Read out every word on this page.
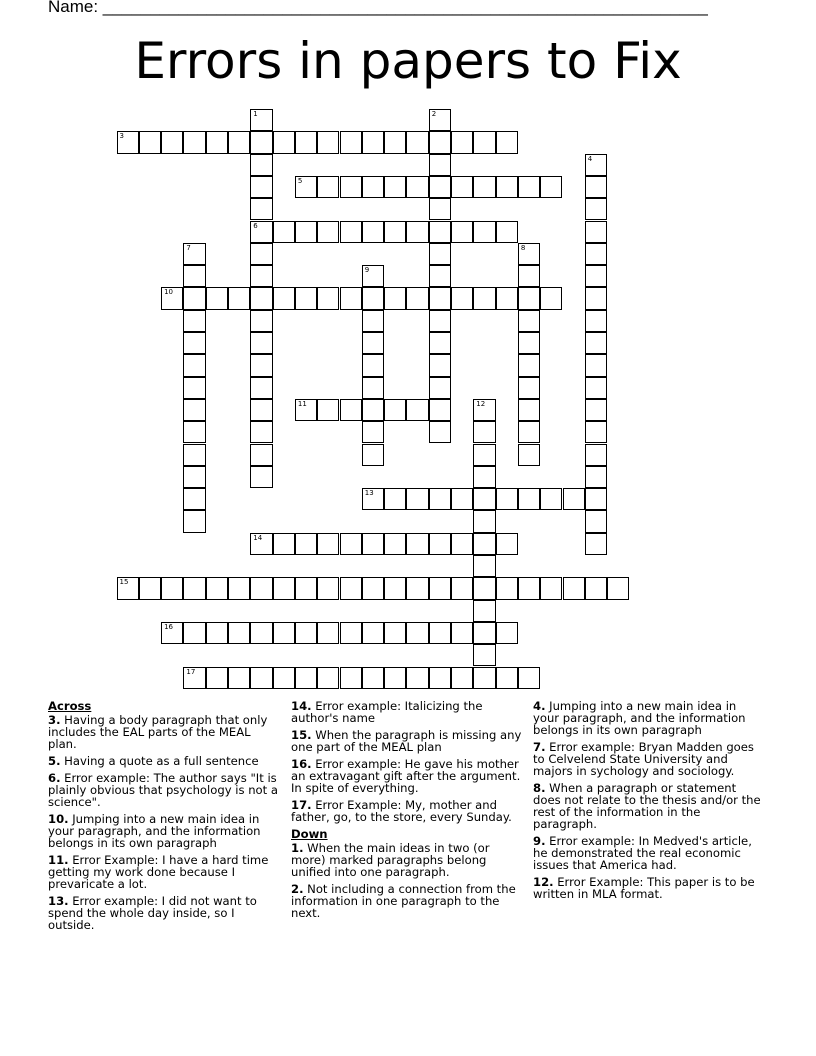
Name: ________________________________________________________________
Errors in papers to Fix
1	2
3
4
5
6
7	8
9
10
11	12
13
14
15
16
17
Across
3. Having a body paragraph that only includes the EAL parts of the MEAL plan.
5. Having a quote as a full sentence
6. Error example: The author says "It is plainly obvious that psychology is not a science".
10. Jumping into a new main idea in your paragraph, and the information belongs in its own paragraph
11. Error Example: I have a hard time getting my work done because I prevaricate a lot.
13. Error example: I did not want to spend the whole day inside, so I outside.
14. Error example: Italicizing the author's name
15. When the paragraph is missing any one part of the MEAL plan
16. Error example: He gave his mother an extravagant gift after the argument. In spite of everything.
17. Error Example: My, mother and father, go, to the store, every Sunday.
Down
1. When the main ideas in two (or more) marked paragraphs belong unified into one paragraph.
2. Not including a connection from the information in one paragraph to the next.
4. Jumping into a new main idea in your paragraph, and the information belongs in its own paragraph
7. Error example: Bryan Madden goes to Celvelend State University and majors in sychology and sociology.
8. When a paragraph or statement does not relate to the thesis and/or the rest of the information in the paragraph.
9. Error example: In Medved's article, he demonstrated the real economic issues that America had.
12. Error Example: This paper is to be written in MLA format.
